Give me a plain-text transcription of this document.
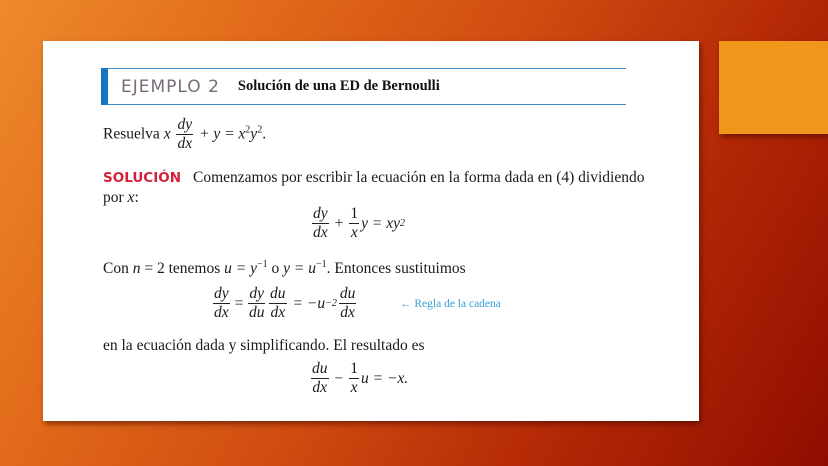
EJEMPLO 2 Solución de una ED de Bernoulli
Resuelva x $\frac{dy}{dx} + y = x^2y^2$.
SOLUCIÓN Comenzamos por escribir la ecuación en la forma dada en (4) dividiendo
por x:
$\frac{dy}{dx} + \frac{1}{x}$ y = xy 2
Con n = 2 tenemos $u = y^{-1}$ o $y = u^{-1}$. Entonces sustituimos
$\frac{dy}{dx} = \frac{dy}{du} \frac{du}{dx} = -u -2 \frac{du}{dx}$	← Regla de la cadena
en la ecuación dada y simplificando. El resultado es
$\frac{du}{dx} - \frac{1}{x}$ u = −x.
